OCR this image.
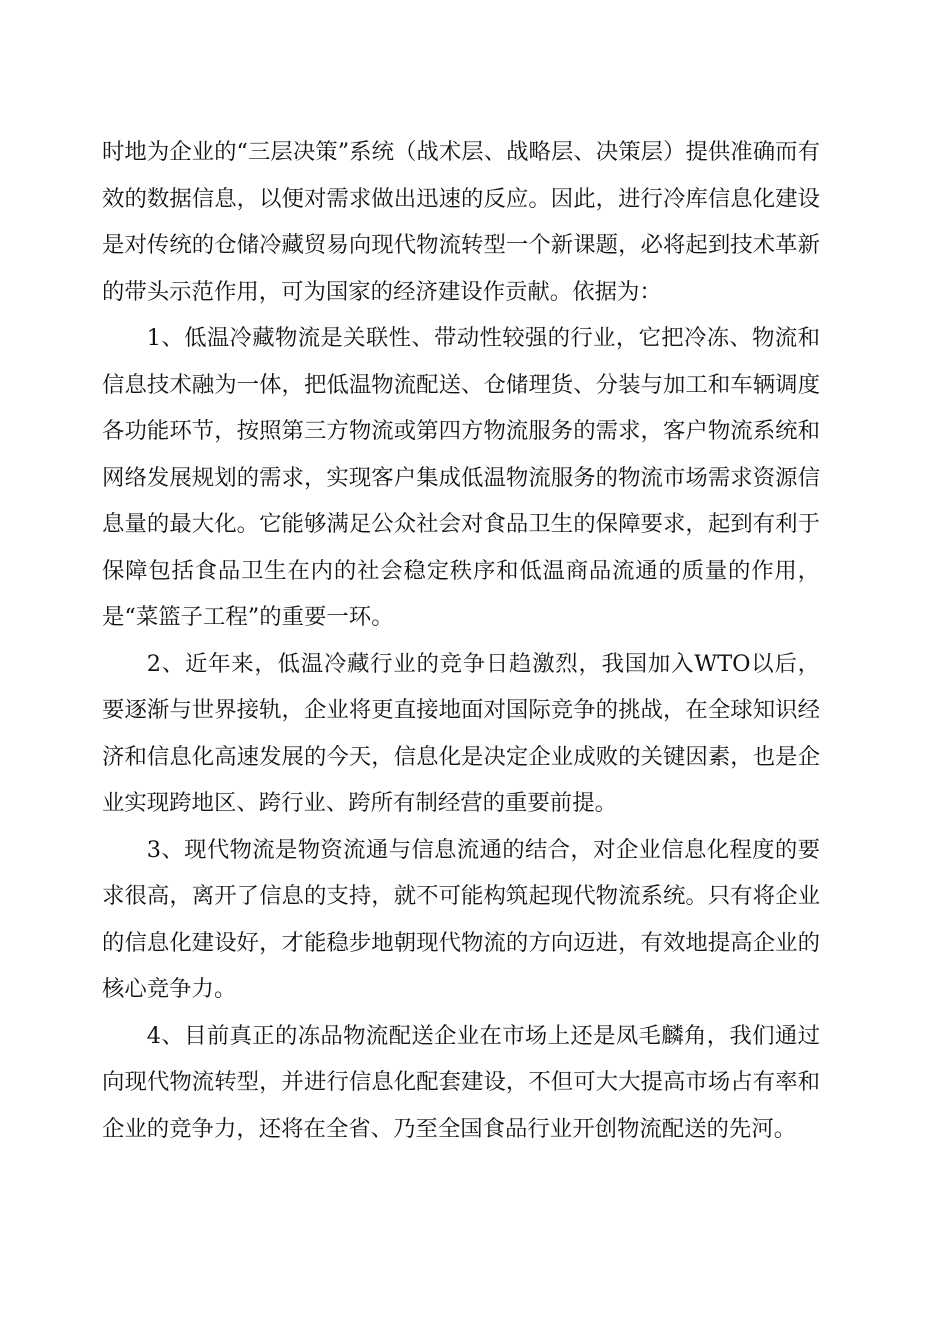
时地为企业的“三层决策”系统（战术层、战略层、决策层）提供准确而有效的数据信息，以便对需求做出迅速的反应。因此，进行冷库信息化建设是对传统的仓储冷藏贸易向现代物流转型一个新课题，必将起到技术革新的带头示范作用，可为国家的经济建设作贡献。依据为：

1、低温冷藏物流是关联性、带动性较强的行业，它把冷冻、物流和信息技术融为一体，把低温物流配送、仓储理货、分装与加工和车辆调度各功能环节，按照第三方物流或第四方物流服务的需求，客户物流系统和网络发展规划的需求，实现客户集成低温物流服务的物流市场需求资源信息量的最大化。它能够满足公众社会对食品卫生的保障要求，起到有利于保障包括食品卫生在内的社会稳定秩序和低温商品流通的质量的作用，是“菜篮子工程”的重要一环。

2、近年来，低温冷藏行业的竞争日趋激烈，我国加入WTO以后，要逐渐与世界接轨，企业将更直接地面对国际竞争的挑战，在全球知识经济和信息化高速发展的今天，信息化是决定企业成败的关键因素，也是企业实现跨地区、跨行业、跨所有制经营的重要前提。

3、现代物流是物资流通与信息流通的结合，对企业信息化程度的要求很高，离开了信息的支持，就不可能构筑起现代物流系统。只有将企业的信息化建设好，才能稳步地朝现代物流的方向迈进，有效地提高企业的核心竞争力。

4、目前真正的冻品物流配送企业在市场上还是凤毛麟角，我们通过向现代物流转型，并进行信息化配套建设，不但可大大提高市场占有率和企业的竞争力，还将在全省、乃至全国食品行业开创物流配送的先河。
